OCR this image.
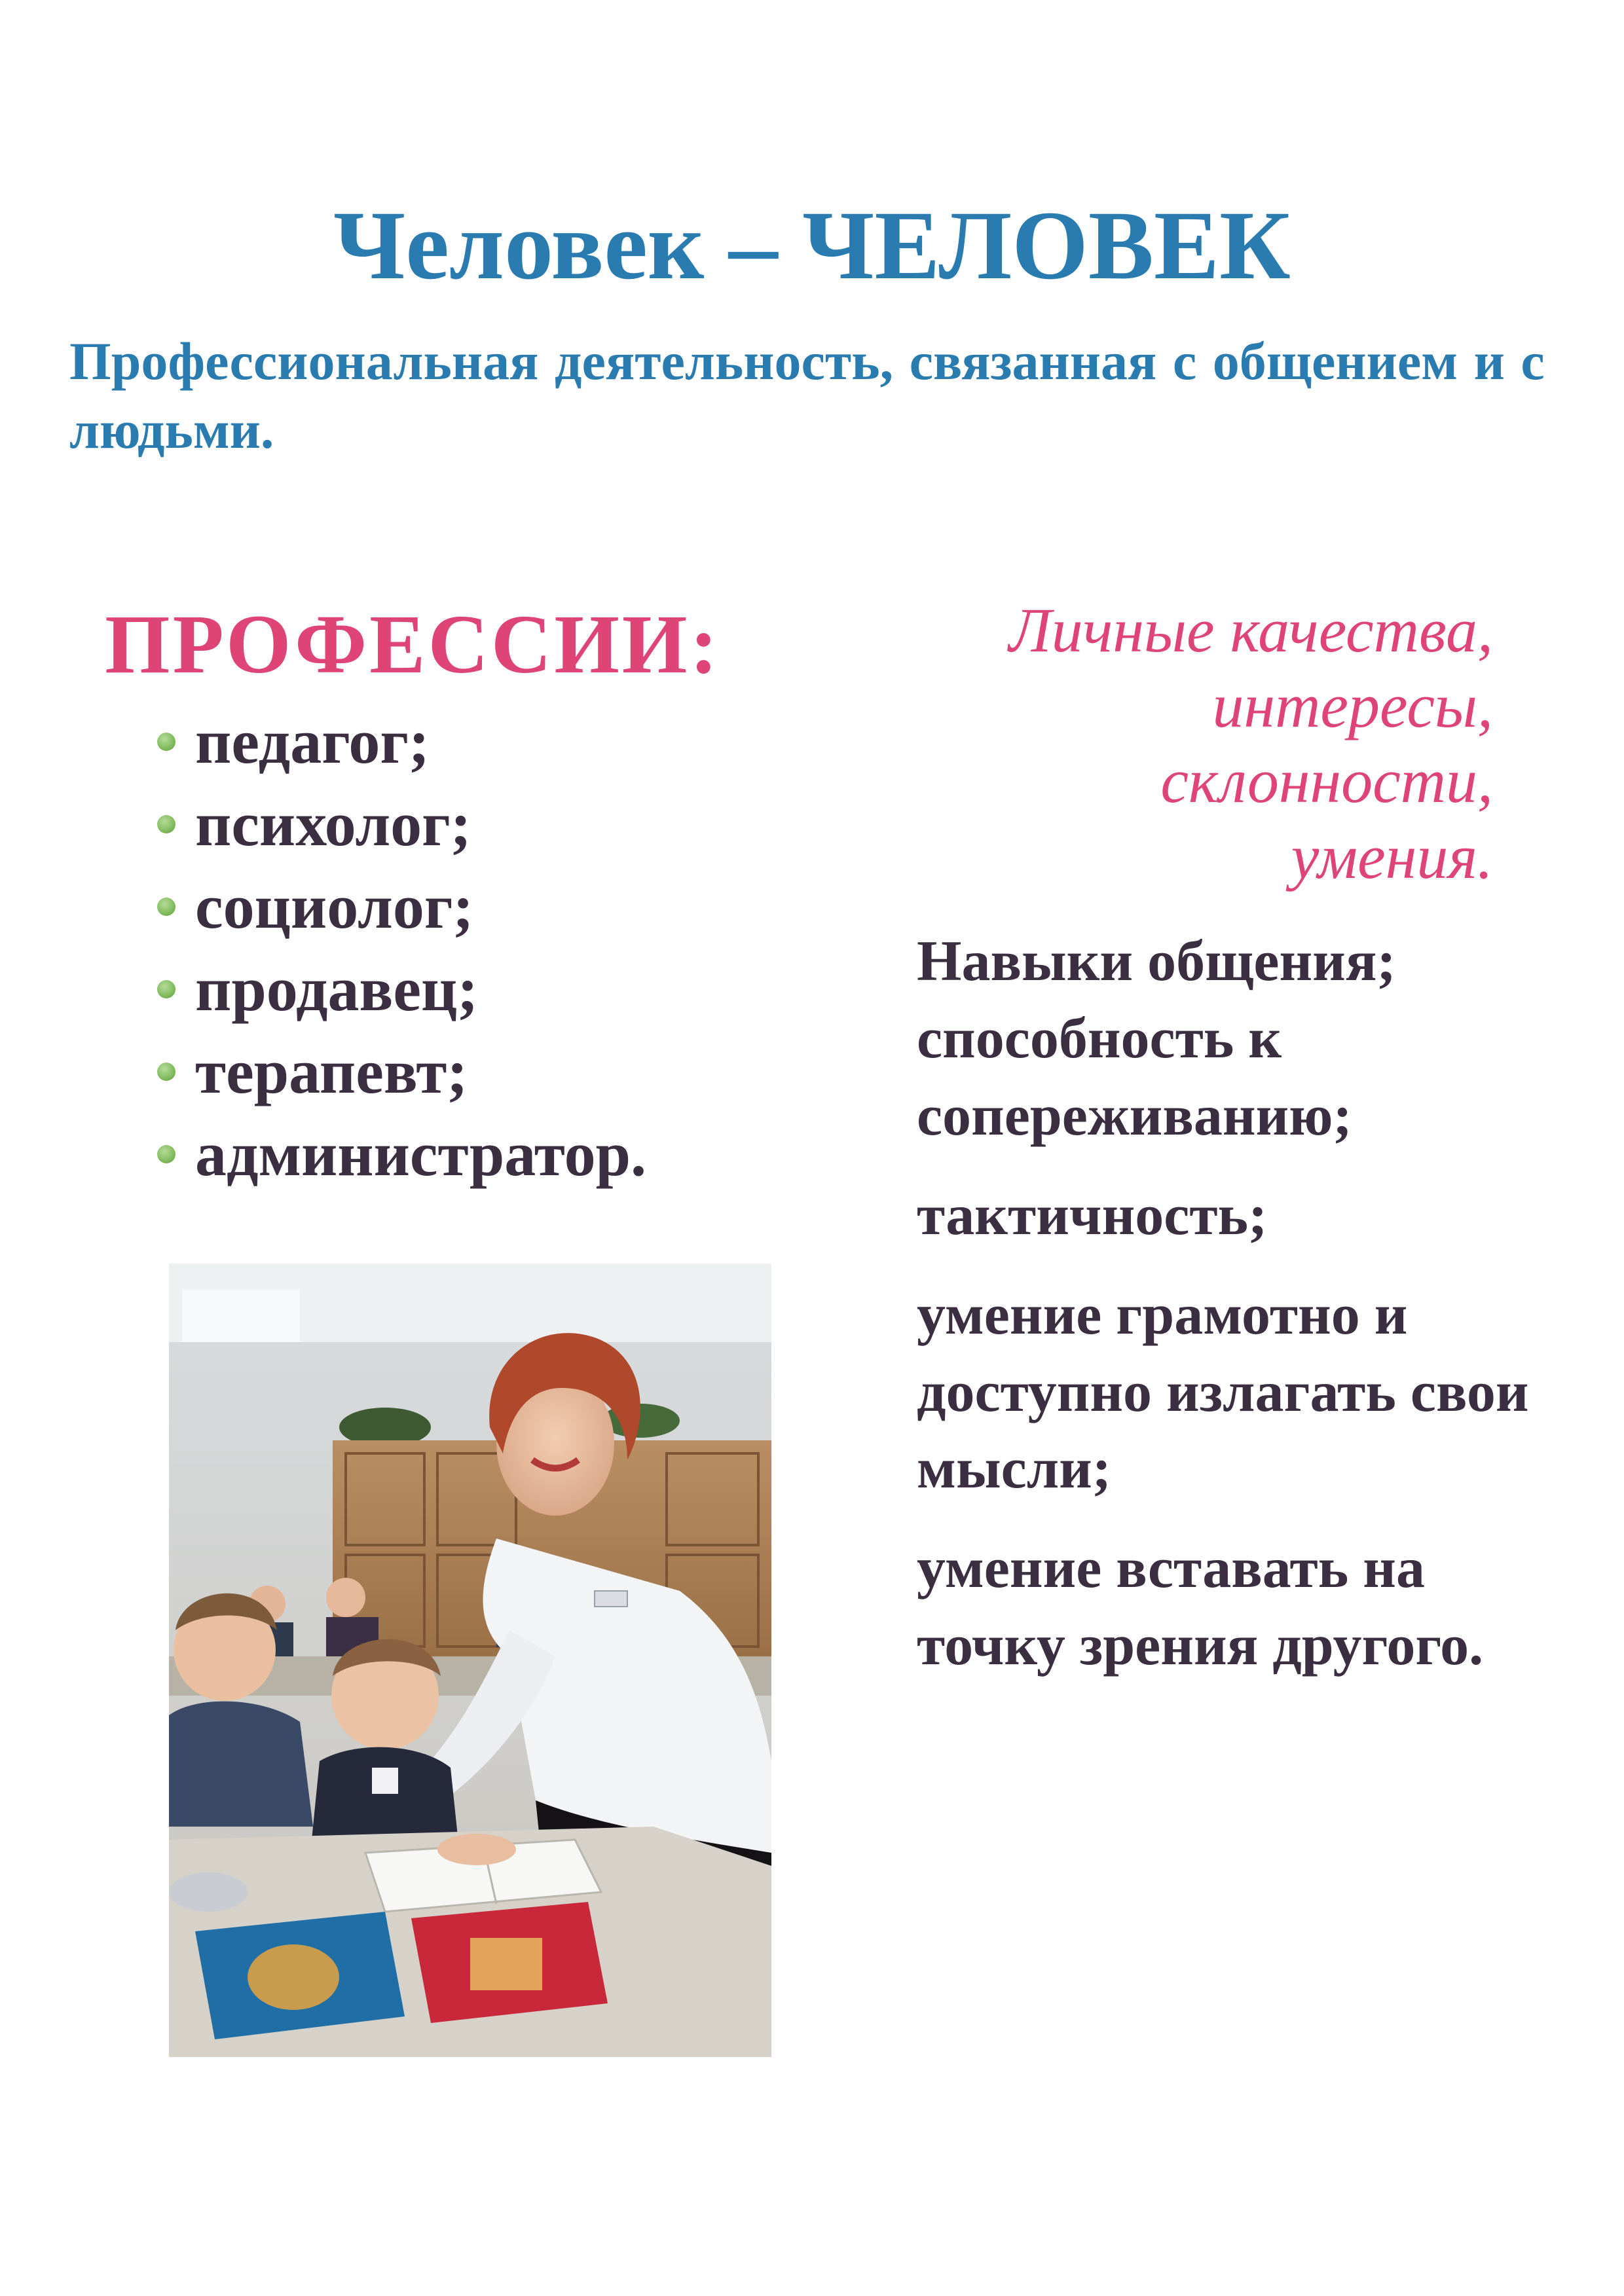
Человек – ЧЕЛОВЕК

Профессиональная деятельность, связанная с общением и с людьми.

ПРОФЕССИИ:
педагог;
психолог;
социолог;
продавец;
терапевт;
администратор.
Личные качества,
интересы,
склонности,
умения.

Навыки общения; способность к сопереживанию;

тактичность;

умение грамотно и доступно излагать свои мысли;

умение вставать на точку зрения другого.
